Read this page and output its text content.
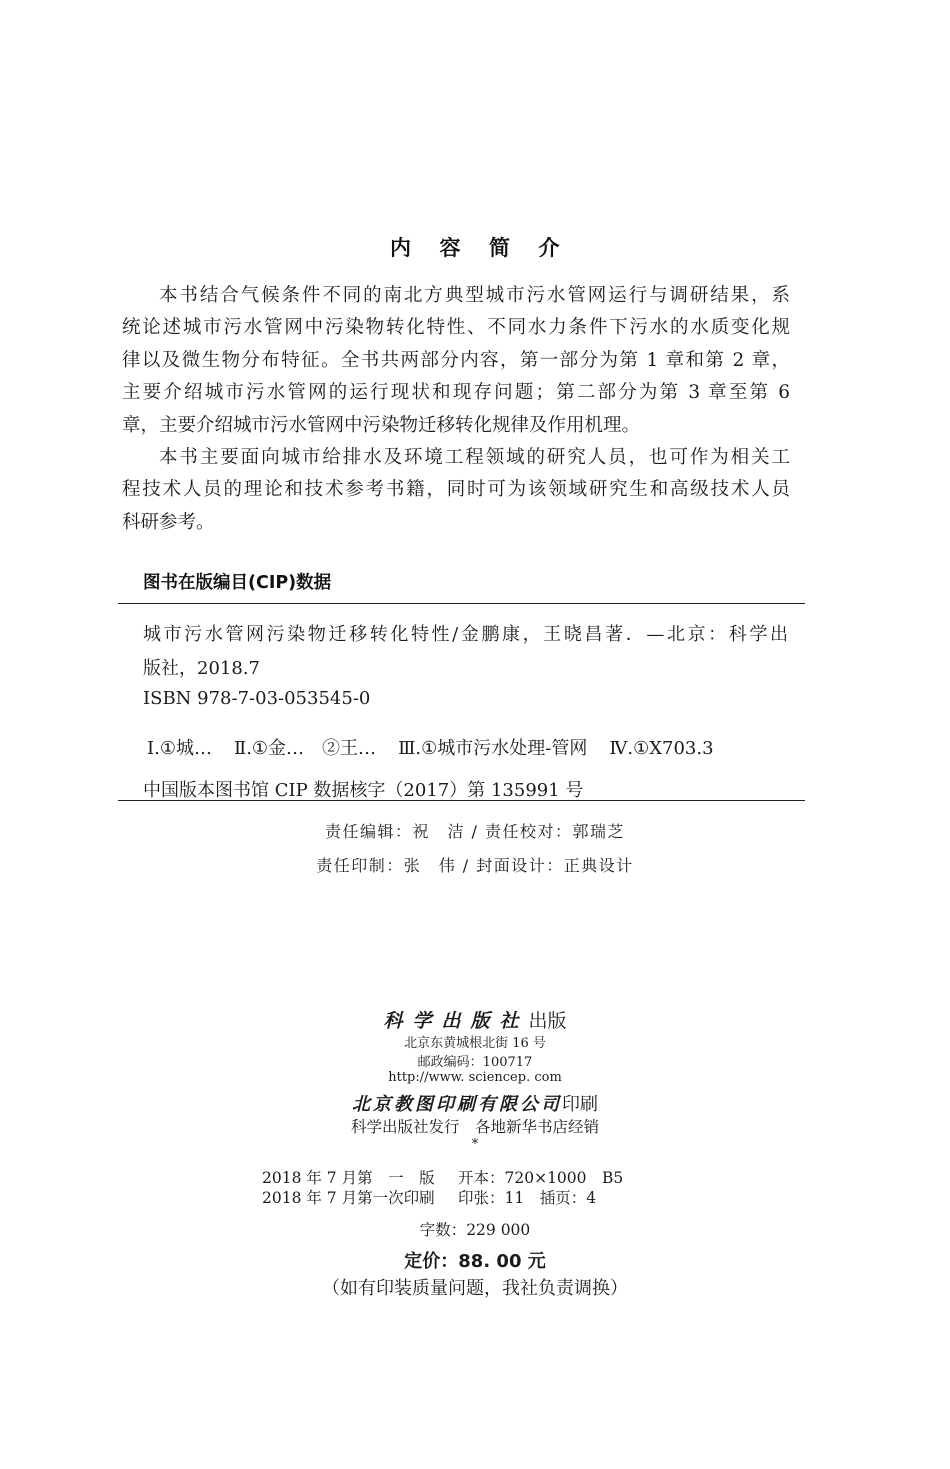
内 容 简 介
本书结合气候条件不同的南北方典型城市污水管网运行与调研结果，系
统论述城市污水管网中污染物转化特性、不同水力条件下污水的水质变化规
律以及微生物分布特征。全书共两部分内容，第一部分为第 1 章和第 2 章，
主要介绍城市污水管网的运行现状和现存问题；第二部分为第 3 章至第 6
章，主要介绍城市污水管网中污染物迁移转化规律及作用机理。
本书主要面向城市给排水及环境工程领域的研究人员，也可作为相关工
程技术人员的理论和技术参考书籍，同时可为该领域研究生和高级技术人员
科研参考。
图书在版编目(CIP)数据
城市污水管网污染物迁移转化特性/金鹏康，王晓昌著．—北京：科学出
版社，2018.7
ISBN 978-7-03-053545-0
Ⅰ.①城… Ⅱ.①金…　②王… Ⅲ.①城市污水处理-管网 Ⅳ.①X703.3
中国版本图书馆 CIP 数据核字（2017）第 135991 号
责任编辑：祝　洁 / 责任校对：郭瑞芝
责任印制：张　伟 / 封面设计：正典设计
科学出版社出版
北京东黄城根北街 16 号
邮政编码：100717
http://www. sciencep. com
北京教图印刷有限公司印刷
科学出版社发行　各地新华书店经销
*
2018 年 7 月第　一　版 开本：720×1000　B5
2018 年 7 月第一次印刷 印张：11　插页：4
字数：229 000
定价：88. 00 元
（如有印装质量问题，我社负责调换）
